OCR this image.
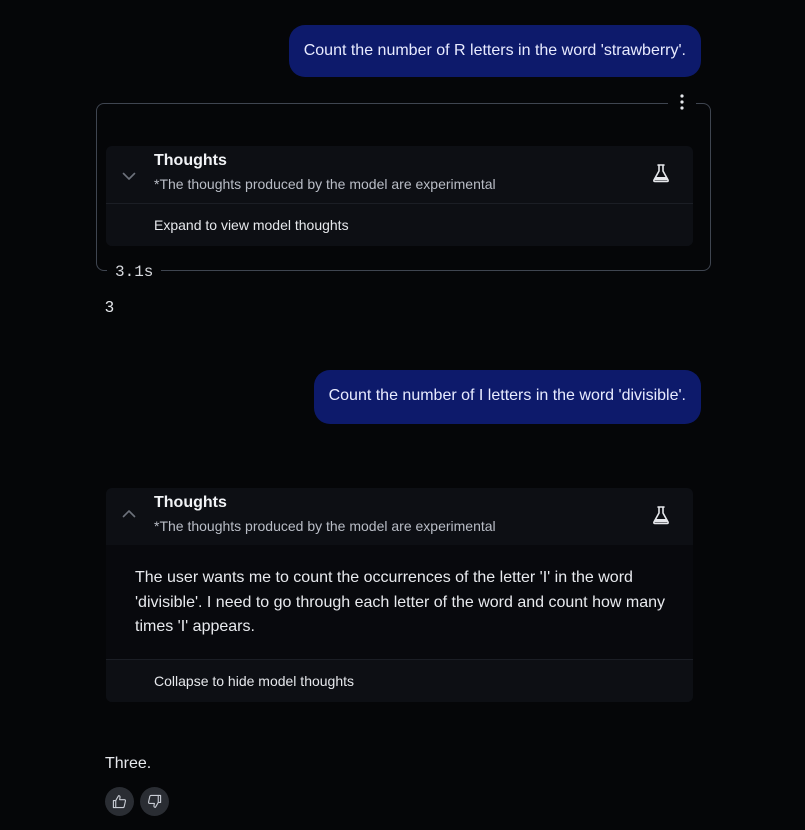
Count the number of R letters in the word 'strawberry'.
Thoughts
*The thoughts produced by the model are experimental
Expand to view model thoughts
3.1s
3
Count the number of I letters in the word 'divisible'.
Thoughts
*The thoughts produced by the model are experimental

The user wants me to count the occurrences of the letter 'I' in the word 'divisible'. I need to go through each letter of the word and count how many times 'I' appears.

Collapse to hide model thoughts
Three.
